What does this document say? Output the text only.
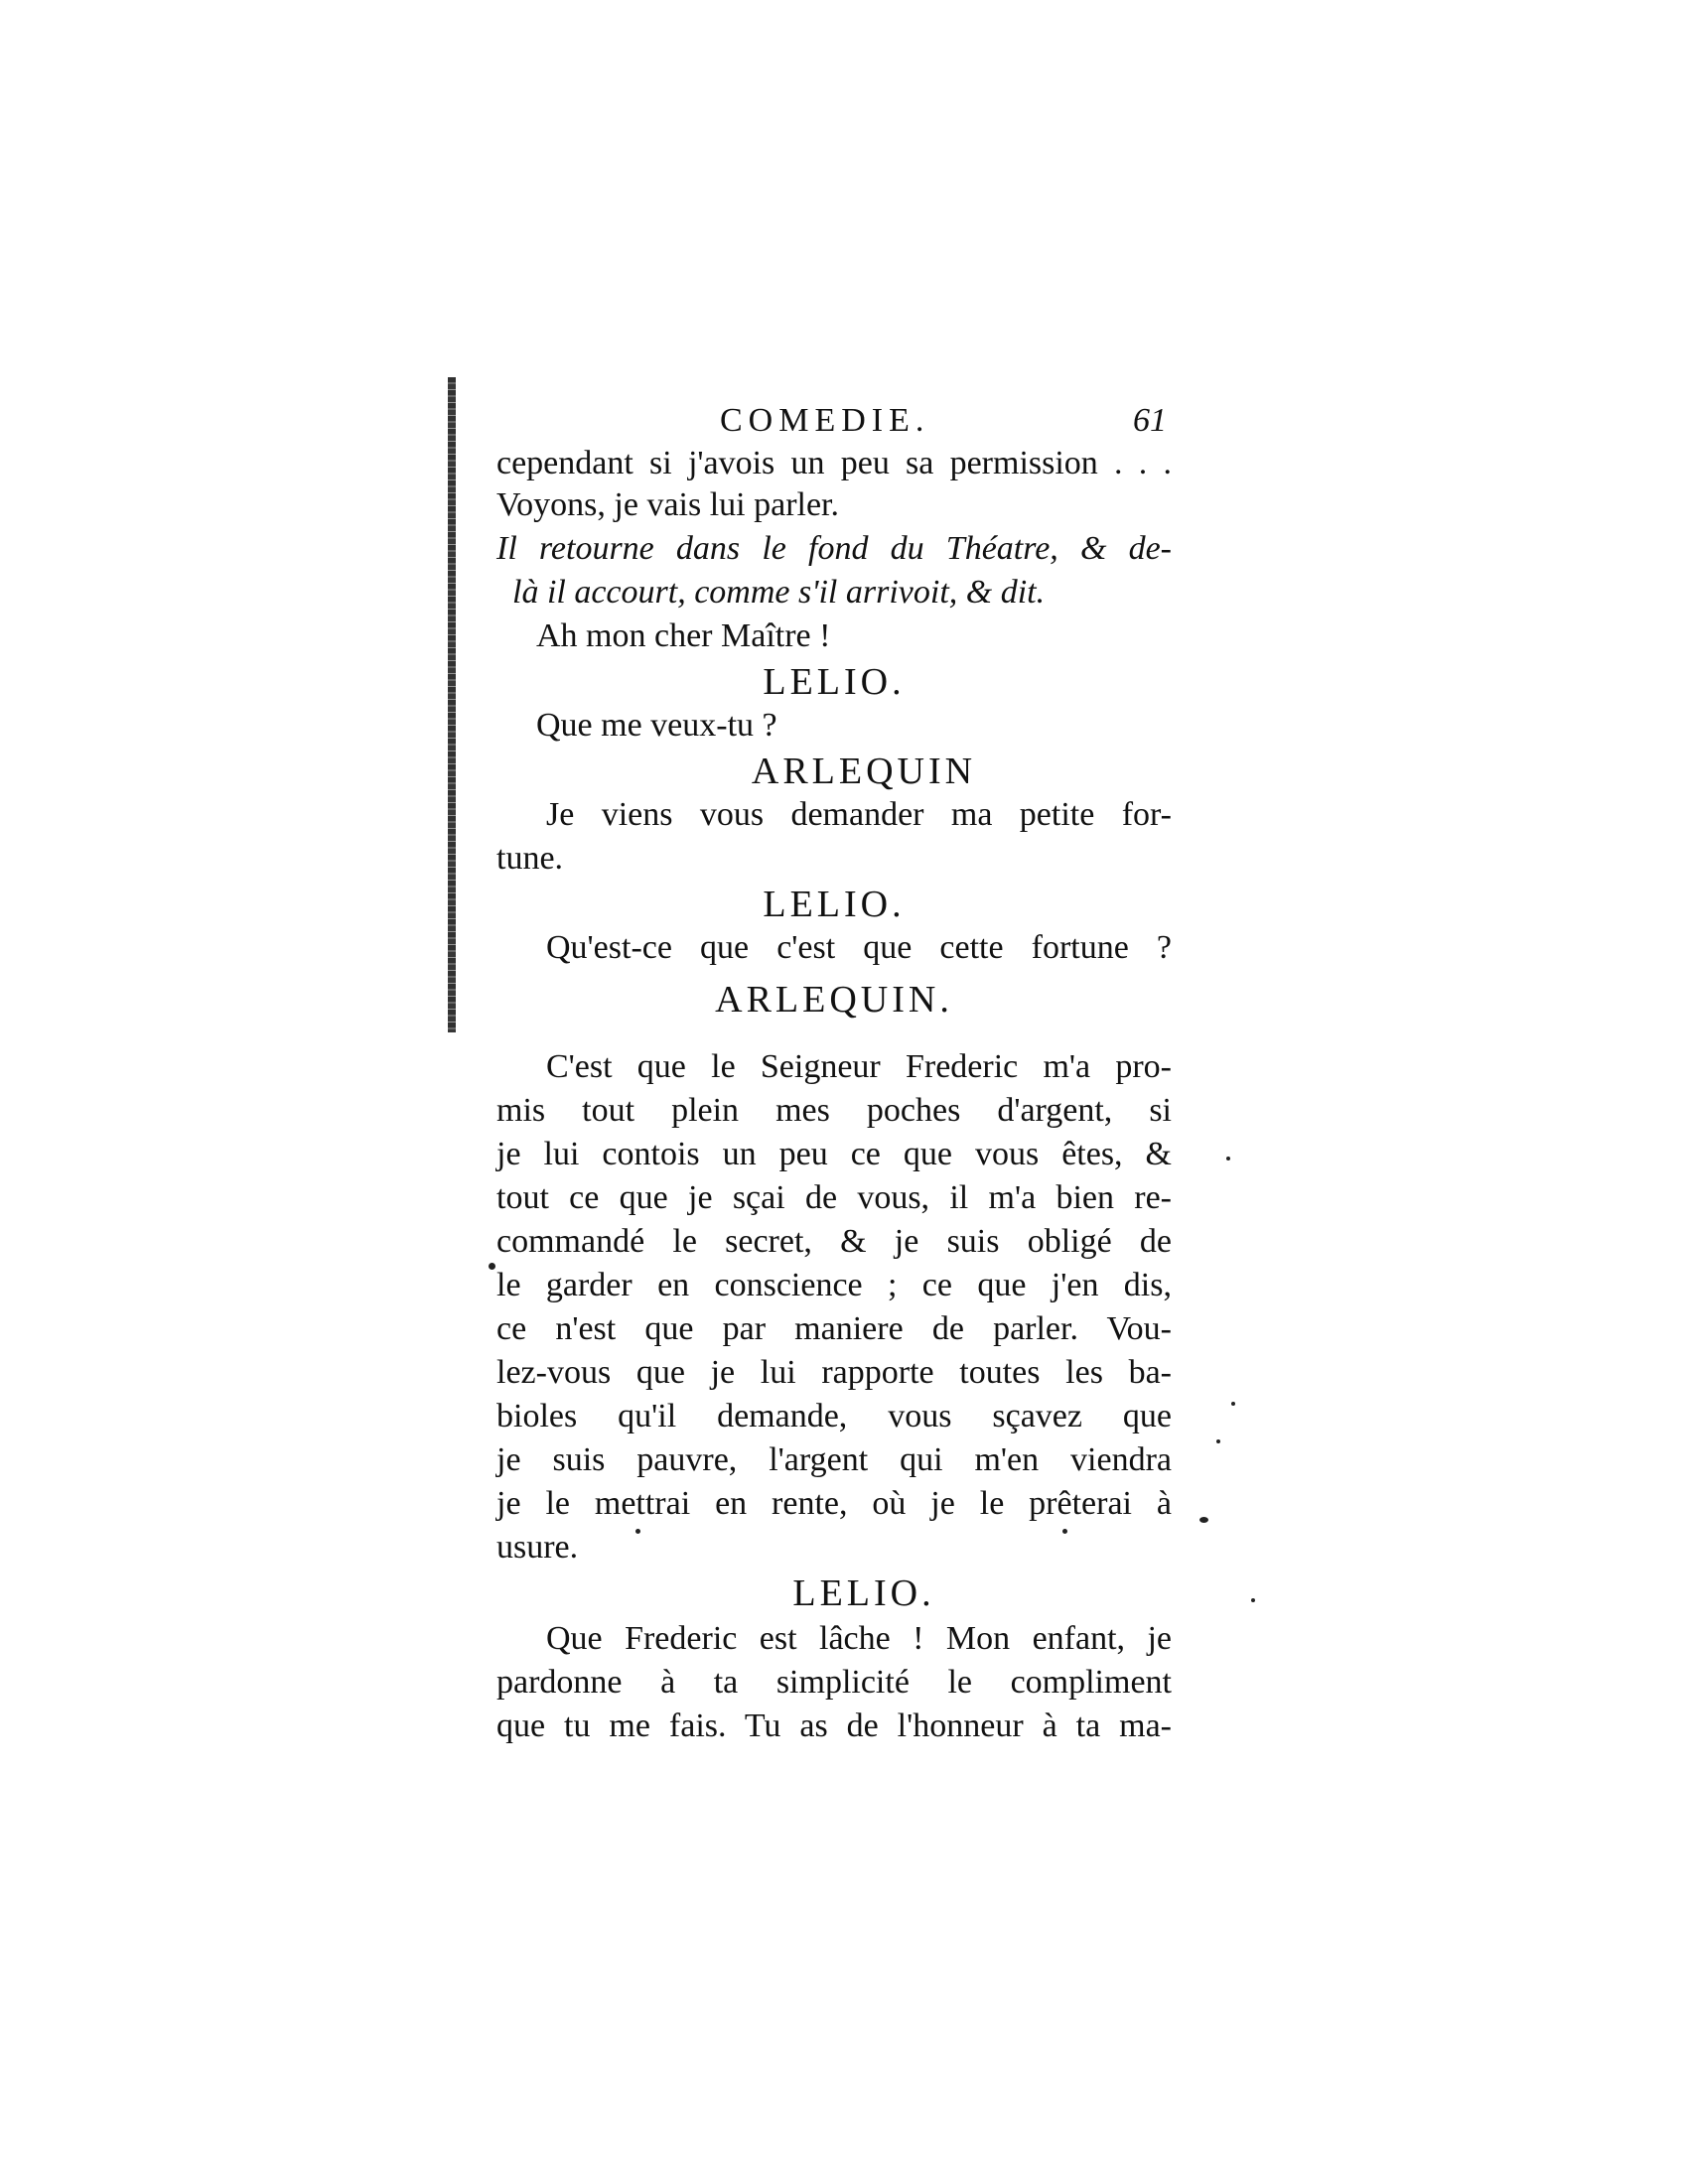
COMEDIE.	61
cependant si j'avois un peu sa permission . . .
Voyons, je vais lui parler.
Il retourne dans le fond du Théatre, & de-
là il accourt, comme s'il arrivoit, & dit.
Ah mon cher Maître !
LELIO.
Que me veux-tu ?
ARLEQUIN
Je viens vous demander ma petite for-
tune.
LELIO.
Qu'est-ce que c'est que cette fortune ?
ARLEQUIN.
C'est que le Seigneur Frederic m'a pro-
mis tout plein mes poches d'argent, si
je lui contois un peu ce que vous êtes, &
tout ce que je sçai de vous, il m'a bien re-
commandé le secret, & je suis obligé de
le garder en conscience ; ce que j'en dis,
ce n'est que par maniere de parler. Vou-
lez-vous que je lui rapporte toutes les ba-
bioles qu'il demande, vous sçavez que
je suis pauvre, l'argent qui m'en viendra
je le mettrai en rente, où je le prêterai à
usure.
LELIO.
Que Frederic est lâche ! Mon enfant, je
pardonne à ta simplicité le compliment
que tu me fais. Tu as de l'honneur à ta ma-
